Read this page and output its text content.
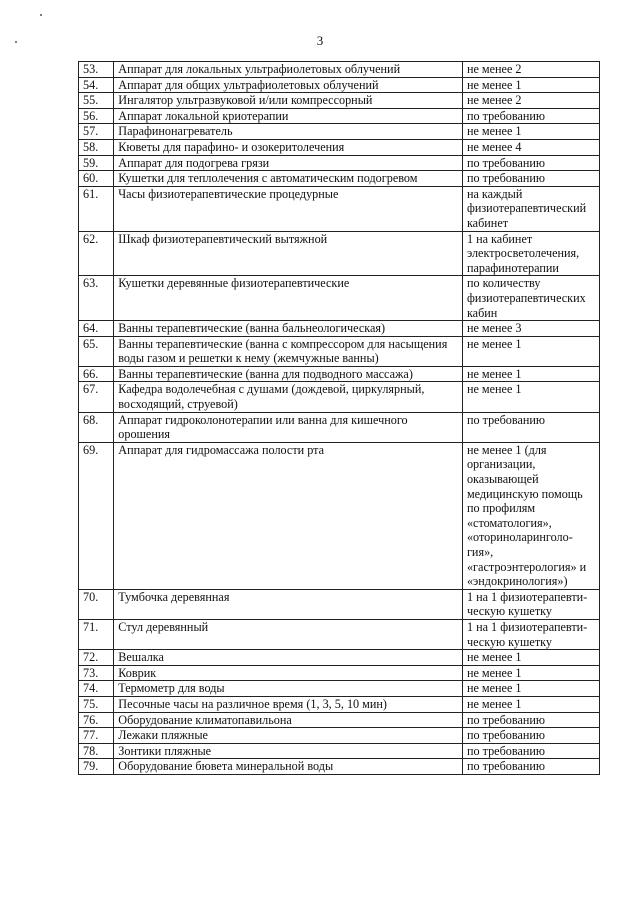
3
53.	Аппарат для локальных ультрафиолетовых облучений	не менее 2
54.	Аппарат для общих ультрафиолетовых облучений	не менее 1
55.	Ингалятор ультразвуковой и/или компрессорный	не менее 2
56.	Аппарат локальной криотерапии	по требованию
57.	Парафинонагреватель	не менее 1
58.	Кюветы для парафино- и озокеритолечения	не менее 4
59.	Аппарат для подогрева грязи	по требованию
60.	Кушетки для теплолечения с автоматическим подогревом	по требованию
61.	Часы физиотерапевтические процедурные	на каждый физиотерапевтический кабинет
62.	Шкаф физиотерапевтический вытяжной	1 на кабинет электросветолечения, парафинотерапии
63.	Кушетки деревянные физиотерапевтические	по количеству физиотерапевтических кабин
64.	Ванны терапевтические (ванна бальнеологическая)	не менее 3
65.	Ванны терапевтические (ванна с компрессором для насыщения воды газом и решетки к нему (жемчужные ванны)	не менее 1
66.	Ванны терапевтические (ванна для подводного массажа)	не менее 1
67.	Кафедра водолечебная с душами (дождевой, циркулярный, восходящий, струевой)	не менее 1
68.	Аппарат гидроколонотерапии или ванна для кишечного орошения	по требованию
69.	Аппарат для гидромассажа полости рта	не менее 1 (для организации, оказывающей медицинскую помощь по профилям «стоматология», «оториноларинголо-гия», «гастроэнтерология» и «эндокринология»)
70.	Тумбочка деревянная	1 на 1 физиотерапевти-ческую кушетку
71.	Стул деревянный	1 на 1 физиотерапевти-ческую кушетку
72.	Вешалка	не менее 1
73.	Коврик	не менее 1
74.	Термометр для воды	не менее 1
75.	Песочные часы на различное время (1, 3, 5, 10 мин)	не менее 1
76.	Оборудование климатопавильона	по требованию
77.	Лежаки пляжные	по требованию
78.	Зонтики пляжные	по требованию
79.	Оборудование бювета минеральной воды	по требованию
